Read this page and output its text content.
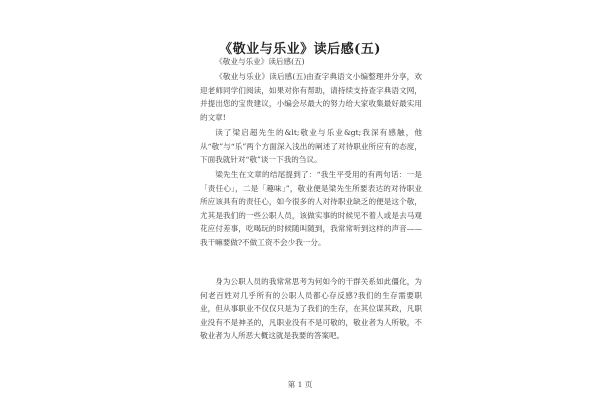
《敬业与乐业》读后感(五)

《敬业与乐业》读后感(五)

《敬业与乐业》读后感(五)由查字典语文小编整理并分享，欢迎老师同学们阅读，如果对你有帮助，请持续支持查字典语文网，并提出您的宝贵建议，小编会尽最大的努力给大家收集最好最实用的文章!

读了梁启超先生的&lt;敬业与乐业&gt;我深有感触，他从“敬”与“乐”两个方面深入浅出的阐述了对待职业所应有的态度，下面我就针对“敬”谈一下我的刍议。

梁先生在文章的结尾提到了：“我生平受用的有两句话：一是「责任心」，二是「趣味」”，敬业便是梁先生所要表达的对待职业所应该具有的责任心，如今很多的人对待职业缺乏的便是这个敬，尤其是我们的一些公职人员，该做实事的时候见不着人或是去马观花应付差事，吃喝玩的时候随叫随到，我常常听到这样的声音——我干嘛要做?不做工资不会少我一分。

身为公职人员的我常常思考为何如今的干群关系如此僵化，为何老百姓对几乎所有的公职人员都心存反感?我们的生存需要职业，但从事职业不仅仅只是为了我们的生存，在其位谋其政，凡职业没有不是神圣的，凡职业没有不是可敬的，敬业者为人所敬，不敬业者为人所恶大概这就是我要的答案吧。

第 1 页
